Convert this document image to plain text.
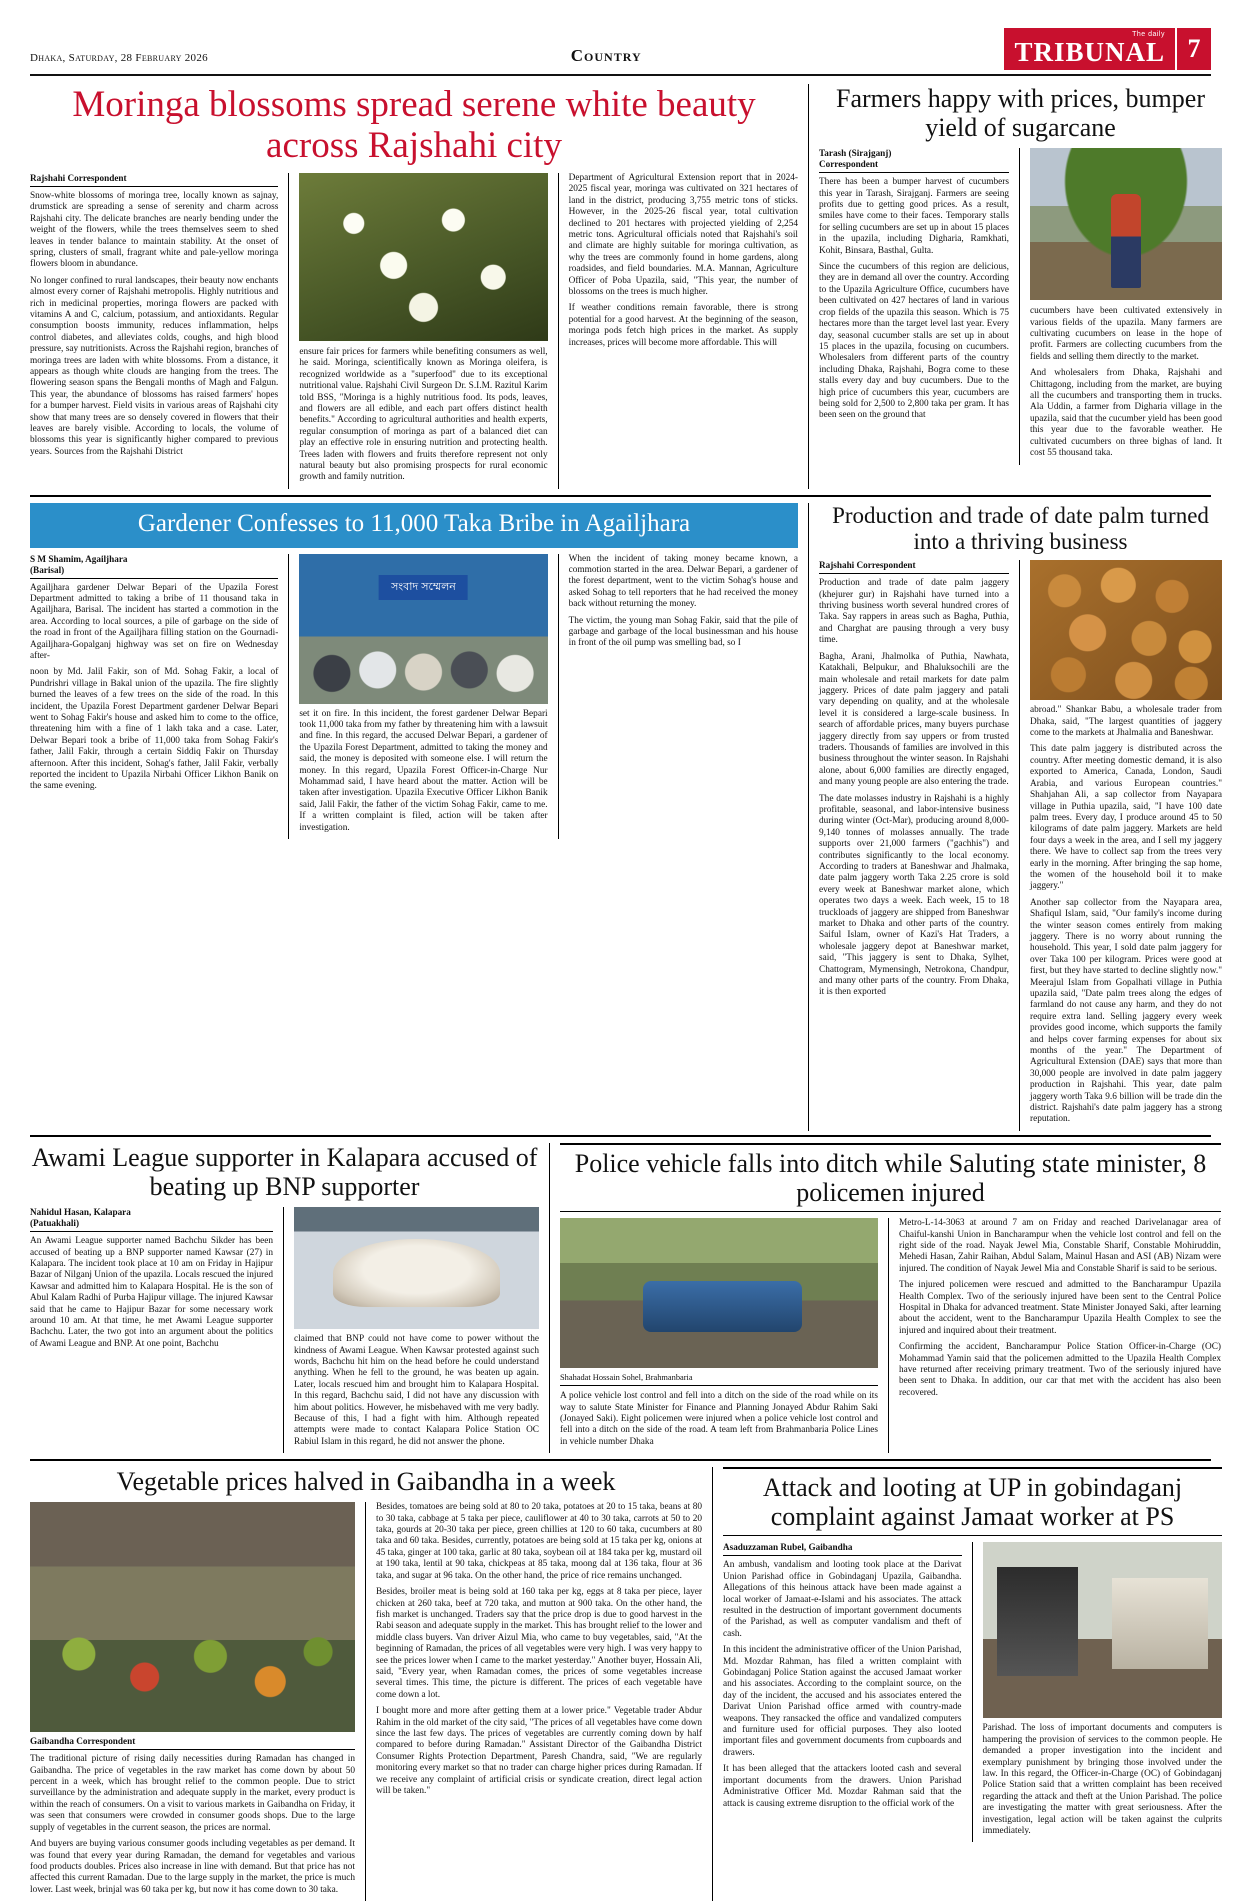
Dhaka, Saturday, 28 February 2026	Country
The daily
TRIBUNAL 7
Moringa blossoms spread serene white beauty across Rajshahi city
Rajshahi Correspondent

Snow-white blossoms of moringa tree, locally known as sajnay, drumstick are spreading a sense of serenity and charm across Rajshahi city. The delicate branches are nearly bending under the weight of the flowers, while the trees themselves seem to shed leaves in tender balance to maintain stability. At the onset of spring, clusters of small, fragrant white and pale-yellow moringa flowers bloom in abundance.

No longer confined to rural landscapes, their beauty now enchants almost every corner of Rajshahi metropolis. Highly nutritious and rich in medicinal properties, moringa flowers are packed with vitamins A and C, calcium, potassium, and antioxidants. Regular consumption boosts immunity, reduces inflammation, helps control diabetes, and alleviates colds, coughs, and high blood pressure, say nutritionists. Across the Rajshahi region, branches of moringa trees are laden with white blossoms. From a distance, it appears as though white clouds are hanging from the trees. The flowering season spans the Bengali months of Magh and Falgun. This year, the abundance of blossoms has raised farmers' hopes for a bumper harvest. Field visits in various areas of Rajshahi city show that many trees are so densely covered in flowers that their leaves are barely visible. According to locals, the volume of blossoms this year is significantly higher compared to previous years. Sources from the Rajshahi District

ensure fair prices for farmers while benefiting consumers as well, he said. Moringa, scientifically known as Moringa oleifera, is recognized worldwide as a "superfood" due to its exceptional nutritional value. Rajshahi Civil Surgeon Dr. S.I.M. Razitul Karim told BSS, "Moringa is a highly nutritious food. Its pods, leaves, and flowers are all edible, and each part offers distinct health benefits." According to agricultural authorities and health experts, regular consumption of moringa as part of a balanced diet can play an effective role in ensuring nutrition and protecting health. Trees laden with flowers and fruits therefore represent not only natural beauty but also promising prospects for rural economic growth and family nutrition.

Department of Agricultural Extension report that in 2024-2025 fiscal year, moringa was cultivated on 321 hectares of land in the district, producing 3,755 metric tons of sticks. However, in the 2025-26 fiscal year, total cultivation declined to 201 hectares with projected yielding of 2,254 metric tons. Agricultural officials noted that Rajshahi's soil and climate are highly suitable for moringa cultivation, as why the trees are commonly found in home gardens, along roadsides, and field boundaries. M.A. Mannan, Agriculture Officer of Poba Upazila, said, "This year, the number of blossoms on the trees is much higher.

If weather conditions remain favorable, there is strong potential for a good harvest. At the beginning of the season, moringa pods fetch high prices in the market. As supply increases, prices will become more affordable. This will

Farmers happy with prices, bumper yield of sugarcane
Tarash (Sirajganj)
Correspondent

There has been a bumper harvest of cucumbers this year in Tarash, Sirajganj. Farmers are seeing profits due to getting good prices. As a result, smiles have come to their faces. Temporary stalls for selling cucumbers are set up in about 15 places in the upazila, including Digharia, Ramkhati, Kohit, Binsara, Basthal, Gulta.

Since the cucumbers of this region are delicious, they are in demand all over the country. According to the Upazila Agriculture Office, cucumbers have been cultivated on 427 hectares of land in various crop fields of the upazila this season. Which is 75 hectares more than the target level last year. Every day, seasonal cucumber stalls are set up in about 15 places in the upazila, focusing on cucumbers. Wholesalers from different parts of the country including Dhaka, Rajshahi, Bogra come to these stalls every day and buy cucumbers. Due to the high price of cucumbers this year, cucumbers are being sold for 2,500 to 2,800 taka per gram. It has been seen on the ground that

cucumbers have been cultivated extensively in various fields of the upazila. Many farmers are cultivating cucumbers on lease in the hope of profit. Farmers are collecting cucumbers from the fields and selling them directly to the market.

And wholesalers from Dhaka, Rajshahi and Chittagong, including from the market, are buying all the cucumbers and transporting them in trucks. Ala Uddin, a farmer from Digharia village in the upazila, said that the cucumber yield has been good this year due to the favorable weather. He cultivated cucumbers on three bighas of land. It cost 55 thousand taka.

Gardener Confesses to 11,000 Taka Bribe in Agailjhara
S M Shamim, Agailjhara
(Barisal)

Agailjhara gardener Delwar Bepari of the Upazila Forest Department admitted to taking a bribe of 11 thousand taka in Agailjhara, Barisal. The incident has started a commotion in the area. According to local sources, a pile of garbage on the side of the road in front of the Agailjhara filling station on the Gournadi-Agailjhara-Gopalganj highway was set on fire on Wednesday after-

noon by Md. Jalil Fakir, son of Md. Sohag Fakir, a local of Pundrishri village in Bakal union of the upazila. The fire slightly burned the leaves of a few trees on the side of the road. In this incident, the Upazila Forest Department gardener Delwar Bepari went to Sohag Fakir's house and asked him to come to the office, threatening him with a fine of 1 lakh taka and a case. Later, Delwar Bepari took a bribe of 11,000 taka from Sohag Fakir's father, Jalil Fakir, through a certain Siddiq Fakir on Thursday afternoon. After this incident, Sohag's father, Jalil Fakir, verbally reported the incident to Upazila Nirbahi Officer Likhon Banik on the same evening.

সংবাদ সম্মেলন

set it on fire. In this incident, the forest gardener Delwar Bepari took 11,000 taka from my father by threatening him with a lawsuit and fine. In this regard, the accused Delwar Bepari, a gardener of the Upazila Forest Department, admitted to taking the money and said, the money is deposited with someone else. I will return the money. In this regard, Upazila Forest Officer-in-Charge Nur Mohammad said, I have heard about the matter. Action will be taken after investigation. Upazila Executive Officer Likhon Banik said, Jalil Fakir, the father of the victim Sohag Fakir, came to me. If a written complaint is filed, action will be taken after investigation.

When the incident of taking money became known, a commotion started in the area. Delwar Bepari, a gardener of the forest department, went to the victim Sohag's house and asked Sohag to tell reporters that he had received the money back without returning the money.

The victim, the young man Sohag Fakir, said that the pile of garbage and garbage of the local businessman and his house in front of the oil pump was smelling bad, so I

Production and trade of date palm turned into a thriving business
Rajshahi Correspondent

Production and trade of date palm jaggery (khejurer gur) in Rajshahi have turned into a thriving business worth several hundred crores of Taka. Say rappers in areas such as Bagha, Puthia, and Charghat are pausing through a very busy time.

Bagha, Arani, Jhalmolka of Puthia, Nawhata, Katakhali, Belpukur, and Bhaluksochili are the main wholesale and retail markets for date palm jaggery. Prices of date palm jaggery and patali vary depending on quality, and at the wholesale level it is considered a large-scale business. In search of affordable prices, many buyers purchase jaggery directly from say uppers or from trusted traders. Thousands of families are involved in this business throughout the winter season. In Rajshahi alone, about 6,000 families are directly engaged, and many young people are also entering the trade.

The date molasses industry in Rajshahi is a highly profitable, seasonal, and labor-intensive business during winter (Oct-Mar), producing around 8,000-9,140 tonnes of molasses annually. The trade supports over 21,000 farmers ("gachhis") and contributes significantly to the local economy. According to traders at Baneshwar and Jhalmaka, date palm jaggery worth Taka 2.25 crore is sold every week at Baneshwar market alone, which operates two days a week. Each week, 15 to 18 truckloads of jaggery are shipped from Baneshwar market to Dhaka and other parts of the country. Saiful Islam, owner of Kazi's Hat Traders, a wholesale jaggery depot at Baneshwar market, said, "This jaggery is sent to Dhaka, Sylhet, Chattogram, Mymensingh, Netrokona, Chandpur, and many other parts of the country. From Dhaka, it is then exported

abroad." Shankar Babu, a wholesale trader from Dhaka, said, "The largest quantities of jaggery come to the markets at Jhalmalia and Baneshwar.

This date palm jaggery is distributed across the country. After meeting domestic demand, it is also exported to America, Canada, London, Saudi Arabia, and various European countries." Shahjahan Ali, a sap collector from Nayapara village in Puthia upazila, said, "I have 100 date palm trees. Every day, I produce around 45 to 50 kilograms of date palm jaggery. Markets are held four days a week in the area, and I sell my jaggery there. We have to collect sap from the trees very early in the morning. After bringing the sap home, the women of the household boil it to make jaggery."

Another sap collector from the Nayapara area, Shafiqul Islam, said, "Our family's income during the winter season comes entirely from making jaggery. There is no worry about running the household. This year, I sold date palm jaggery for over Taka 100 per kilogram. Prices were good at first, but they have started to decline slightly now." Meerajul Islam from Gopalhati village in Puthia upazila said, "Date palm trees along the edges of farmland do not cause any harm, and they do not require extra land. Selling jaggery every week provides good income, which supports the family and helps cover farming expenses for about six months of the year." The Department of Agricultural Extension (DAE) says that more than 30,000 people are involved in date palm jaggery production in Rajshahi. This year, date palm jaggery worth Taka 9.6 billion will be trade din the district. Rajshahi's date palm jaggery has a strong reputation.

Awami League supporter in Kalapara accused of beating up BNP supporter
Nahidul Hasan, Kalapara
(Patuakhali)

An Awami League supporter named Bachchu Sikder has been accused of beating up a BNP supporter named Kawsar (27) in Kalapara. The incident took place at 10 am on Friday in Hajipur Bazar of Nilganj Union of the upazila. Locals rescued the injured Kawsar and admitted him to Kalapara Hospital. He is the son of Abul Kalam Radhi of Purba Hajipur village. The injured Kawsar said that he came to Hajipur Bazar for some necessary work around 10 am. At that time, he met Awami League supporter Bachchu. Later, the two got into an argument about the politics of Awami League and BNP. At one point, Bachchu	claimed that BNP could not have come to power without the kindness of Awami League. When Kawsar protested against such words, Bachchu hit him on the head before he could understand anything. When he fell to the ground, he was beaten up again. Later, locals rescued him and brought him to Kalapara Hospital. In this regard, Bachchu said, I did not have any discussion with him about politics. However, he misbehaved with me very badly. Because of this, I had a fight with him. Although repeated attempts were made to contact Kalapara Police Station OC Rabiul Islam in this regard, he did not answer the phone.

Police vehicle falls into ditch while Saluting state minister, 8 policemen injured
Shahadat Hossain Sohel, Brahmanbaria

A police vehicle lost control and fell into a ditch on the side of the road while on its way to salute State Minister for Finance and Planning Jonayed Abdur Rahim Saki (Jonayed Saki). Eight policemen were injured when a police vehicle lost control and fell into a ditch on the side of the road. A team left from Brahmanbaria Police Lines in vehicle number Dhaka

Metro-L-14-3063 at around 7 am on Friday and reached Darivelanagar area of Chaiful-kanshi Union in Bancharampur when the vehicle lost control and fell on the right side of the road. Nayak Jewel Mia, Constable Sharif, Constable Mohiruddin, Mehedi Hasan, Zahir Raihan, Abdul Salam, Mainul Hasan and ASI (AB) Nizam were injured. The condition of Nayak Jewel Mia and Constable Sharif is said to be serious.

The injured policemen were rescued and admitted to the Bancharampur Upazila Health Complex. Two of the seriously injured have been sent to the Central Police Hospital in Dhaka for advanced treatment. State Minister Jonayed Saki, after learning about the accident, went to the Bancharampur Upazila Health Complex to see the injured and inquired about their treatment.

Confirming the accident, Bancharampur Police Station Officer-in-Charge (OC) Mohammad Yamin said that the policemen admitted to the Upazila Health Complex have returned after receiving primary treatment. Two of the seriously injured have been sent to Dhaka. In addition, our car that met with the accident has also been recovered.

Vegetable prices halved in Gaibandha in a week
Gaibandha Correspondent

The traditional picture of rising daily necessities during Ramadan has changed in Gaibandha. The price of vegetables in the raw market has come down by about 50 percent in a week, which has brought relief to the common people. Due to strict surveillance by the administration and adequate supply in the market, every product is within the reach of consumers. On a visit to various markets in Gaibandha on Friday, it was seen that consumers were crowded in consumer goods shops. Due to the large supply of vegetables in the current season, the prices are normal.

And buyers are buying various consumer goods including vegetables as per demand. It was found that every year during Ramadan, the demand for vegetables and various food products doubles. Prices also increase in line with demand. But that price has not affected this current Ramadan. Due to the large supply in the market, the price is much lower. Last week, brinjal was 60 taka per kg, but now it has come down to 30 taka.

Besides, tomatoes are being sold at 80 to 20 taka, potatoes at 20 to 15 taka, beans at 80 to 30 taka, cabbage at 5 taka per piece, cauliflower at 40 to 30 taka, carrots at 50 to 20 taka, gourds at 20-30 taka per piece, green chillies at 120 to 60 taka, cucumbers at 80 taka and 60 taka. Besides, currently, potatoes are being sold at 15 taka per kg, onions at 45 taka, ginger at 100 taka, garlic at 80 taka, soybean oil at 184 taka per kg, mustard oil at 190 taka, lentil at 90 taka, chickpeas at 85 taka, moong dal at 136 taka, flour at 36 taka, and sugar at 96 taka. On the other hand, the price of rice remains unchanged.

Besides, broiler meat is being sold at 160 taka per kg, eggs at 8 taka per piece, layer chicken at 260 taka, beef at 720 taka, and mutton at 900 taka. On the other hand, the fish market is unchanged. Traders say that the price drop is due to good harvest in the Rabi season and adequate supply in the market. This has brought relief to the lower and middle class buyers. Van driver Aizul Mia, who came to buy vegetables, said, "At the beginning of Ramadan, the prices of all vegetables were very high. I was very happy to see the prices lower when I came to the market yesterday." Another buyer, Hossain Ali, said, "Every year, when Ramadan comes, the prices of some vegetables increase several times. This time, the picture is different. The prices of each vegetable have come down a lot.

I bought more and more after getting them at a lower price." Vegetable trader Abdur Rahim in the old market of the city said, "The prices of all vegetables have come down since the last few days. The prices of vegetables are currently coming down by half compared to before during Ramadan." Assistant Director of the Gaibandha District Consumer Rights Protection Department, Paresh Chandra, said, "We are regularly monitoring every market so that no trader can charge higher prices during Ramadan. If we receive any complaint of artificial crisis or syndicate creation, direct legal action will be taken."

Attack and looting at UP in gobindaganj complaint against Jamaat worker at PS
Asaduzzaman Rubel, Gaibandha

An ambush, vandalism and looting took place at the Darivat Union Parishad office in Gobindaganj Upazila, Gaibandha. Allegations of this heinous attack have been made against a local worker of Jamaat-e-Islami and his associates. The attack resulted in the destruction of important government documents of the Parishad, as well as computer vandalism and theft of cash.

In this incident the administrative officer of the Union Parishad, Md. Mozdar Rahman, has filed a written complaint with Gobindaganj Police Station against the accused Jamaat worker and his associates. According to the complaint source, on the day of the incident, the accused and his associates entered the Darivat Union Parishad office armed with country-made weapons. They ransacked the office and vandalized computers and furniture used for official purposes. They also looted important files and government documents from cupboards and drawers.

It has been alleged that the attackers looted cash and several important documents from the drawers. Union Parishad Administrative Officer Md. Mozdar Rahman said that the attack is causing extreme disruption to the official work of the

Parishad. The loss of important documents and computers is hampering the provision of services to the common people. He demanded a proper investigation into the incident and exemplary punishment by bringing those involved under the law. In this regard, the Officer-in-Charge (OC) of Gobindaganj Police Station said that a written complaint has been received regarding the attack and theft at the Union Parishad. The police are investigating the matter with great seriousness. After the investigation, legal action will be taken against the culprits immediately.
